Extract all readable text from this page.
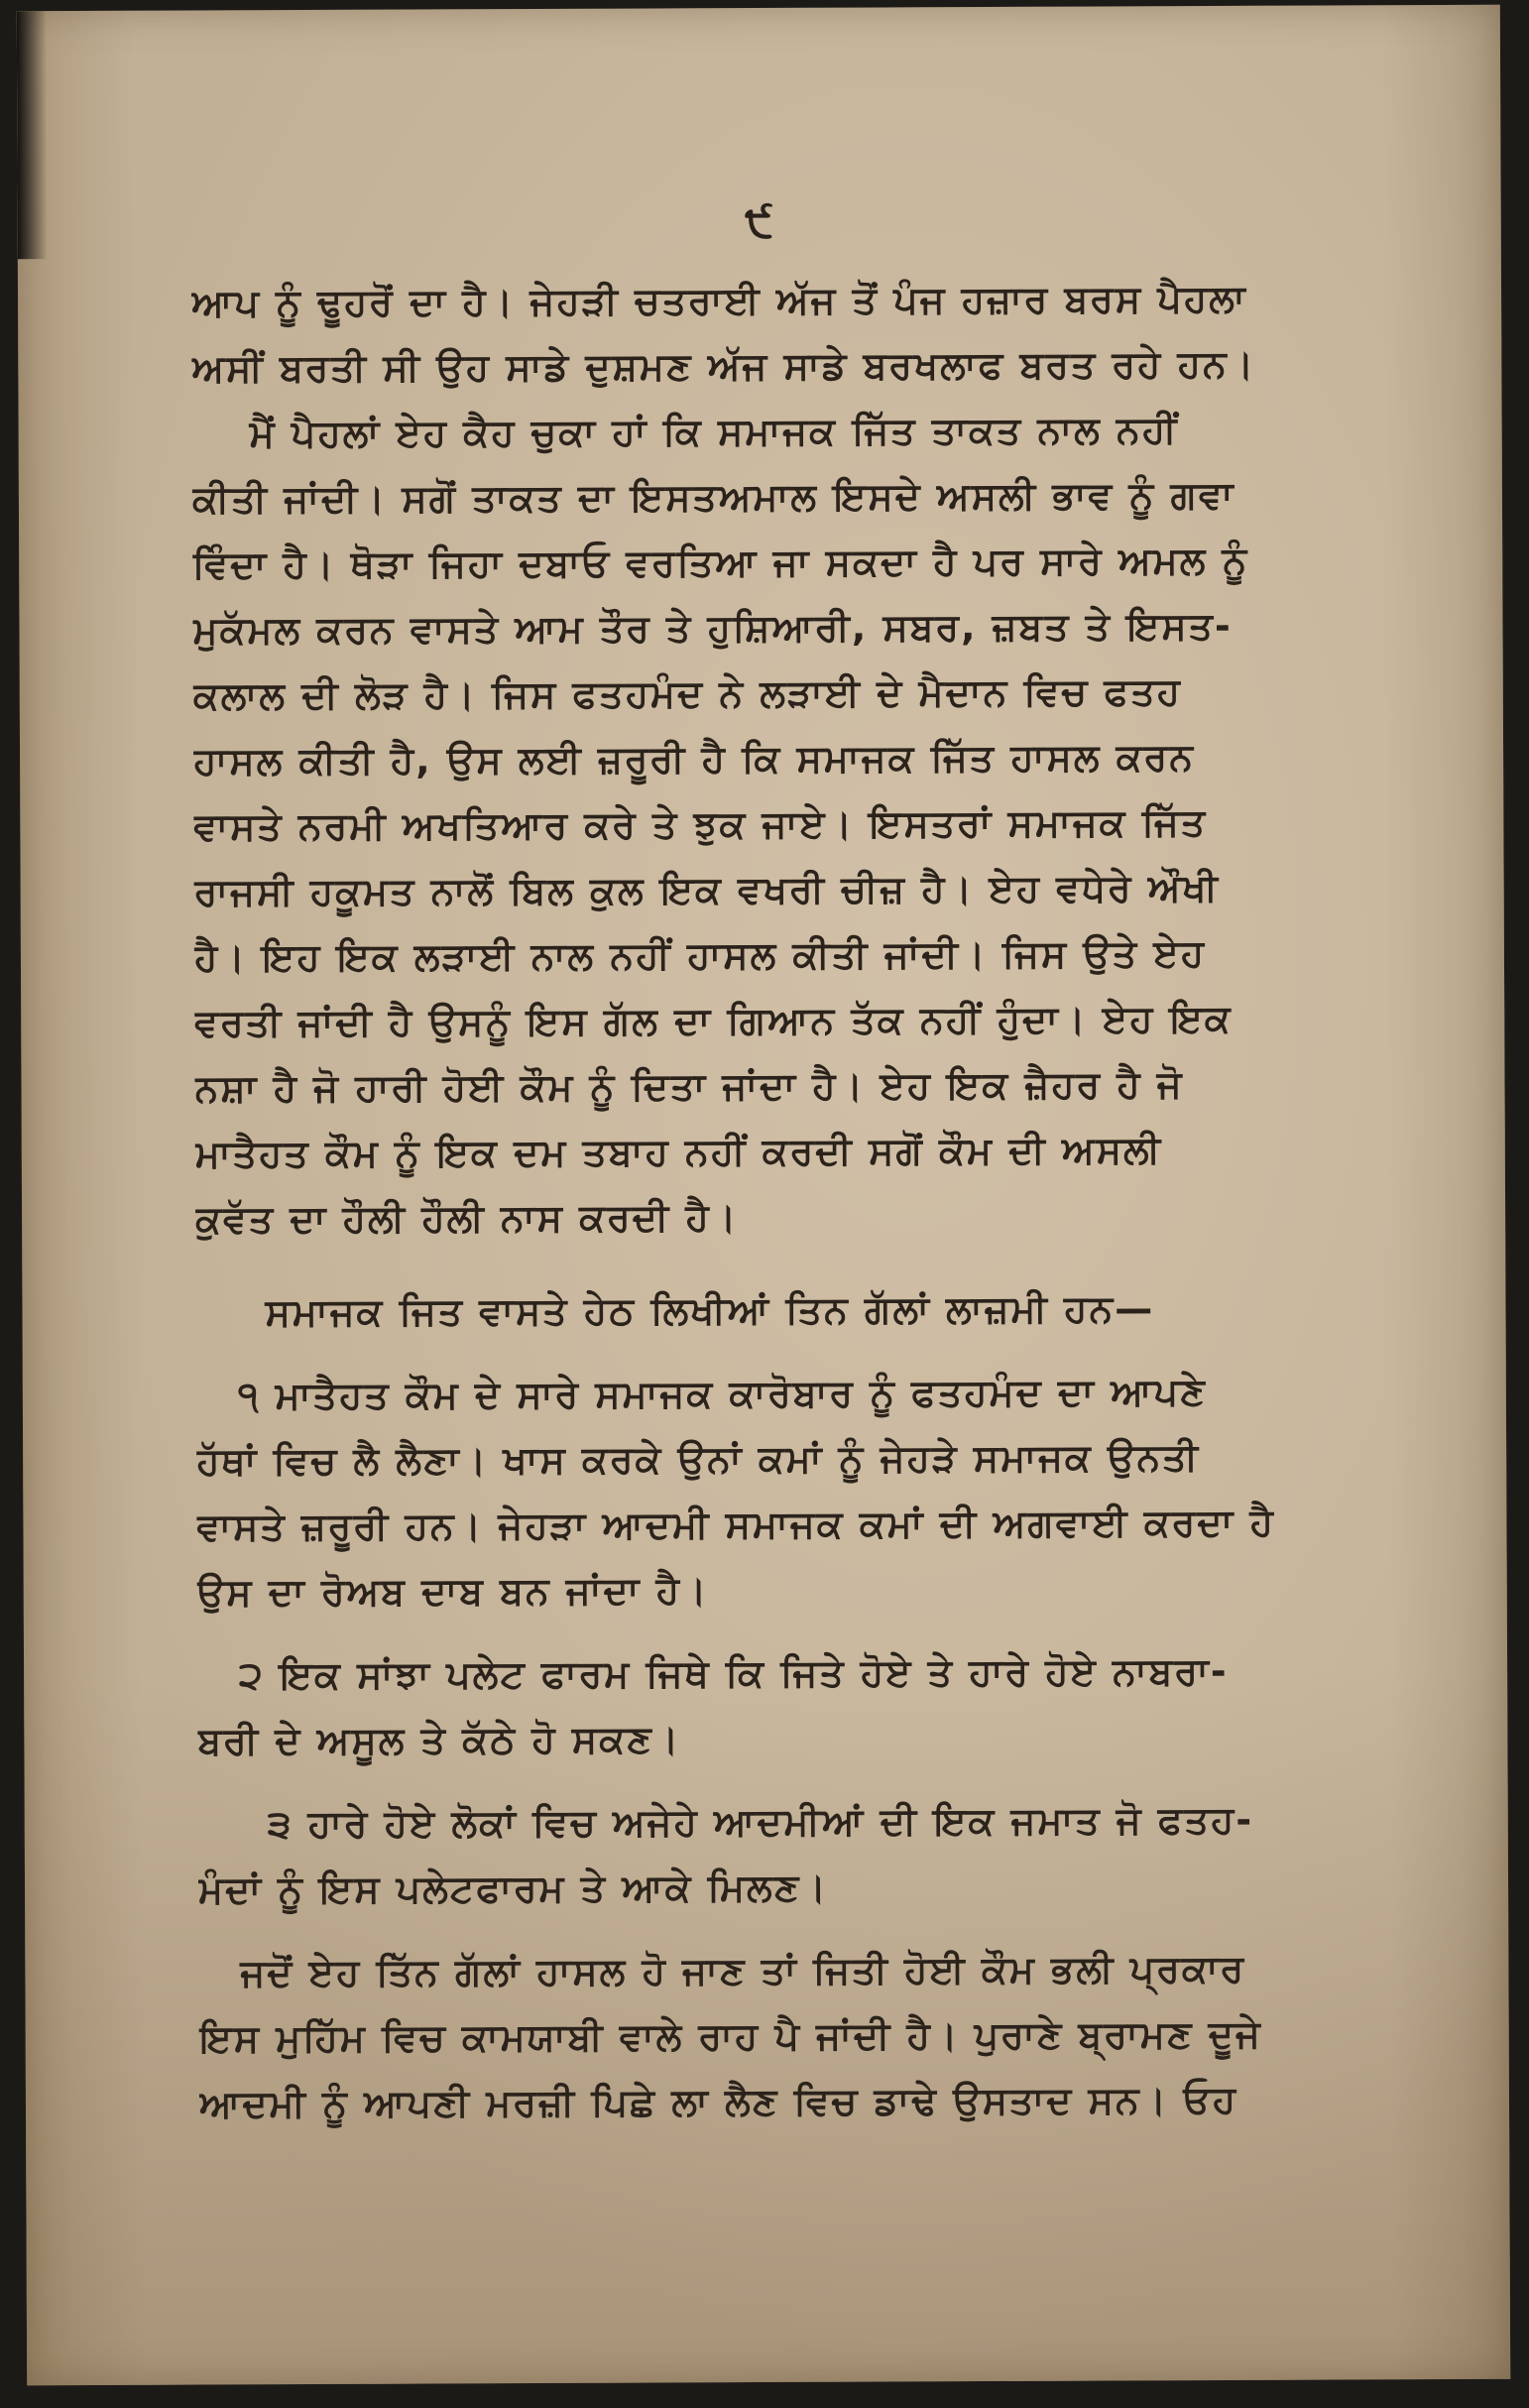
੯
ਆਪ ਨੂੰ ਢੂਹਰੋਂ ਦਾ ਹੈ। ਜੇਹੜੀ ਚਤਰਾਈ ਅੱਜ ਤੋਂ ਪੰਜ ਹਜ਼ਾਰ ਬਰਸ ਪੈਹਲਾ
ਅਸੀਂ ਬਰਤੀ ਸੀ ਉਹ ਸਾਡੇ ਦੁਸ਼ਮਣ ਅੱਜ ਸਾਡੇ ਬਰਖਲਾਫ ਬਰਤ ਰਹੇ ਹਨ।
ਮੈਂ ਪੈਹਲਾਂ ਏਹ ਕੈਹ ਚੁਕਾ ਹਾਂ ਕਿ ਸਮਾਜਕ ਜਿੱਤ ਤਾਕਤ ਨਾਲ ਨਹੀਂ
ਕੀਤੀ ਜਾਂਦੀ। ਸਗੋਂ ਤਾਕਤ ਦਾ ਇਸਤਅਮਾਲ ਇਸਦੇ ਅਸਲੀ ਭਾਵ ਨੂੰ ਗਵਾ
ਵਿੰਦਾ ਹੈ। ਥੋੜਾ ਜਿਹਾ ਦਬਾਓ ਵਰਤਿਆ ਜਾ ਸਕਦਾ ਹੈ ਪਰ ਸਾਰੇ ਅਮਲ ਨੂੰ
ਮੁਕੱਮਲ ਕਰਨ ਵਾਸਤੇ ਆਮ ਤੌਰ ਤੇ ਹੁਸ਼ਿਆਰੀ, ਸਬਰ, ਜ਼ਬਤ ਤੇ ਇਸਤ-
ਕਲਾਲ ਦੀ ਲੋੜ ਹੈ। ਜਿਸ ਫਤਹਮੰਦ ਨੇ ਲੜਾਈ ਦੇ ਮੈਦਾਨ ਵਿਚ ਫਤਹ
ਹਾਸਲ ਕੀਤੀ ਹੈ, ਉਸ ਲਈ ਜ਼ਰੂਰੀ ਹੈ ਕਿ ਸਮਾਜਕ ਜਿੱਤ ਹਾਸਲ ਕਰਨ
ਵਾਸਤੇ ਨਰਮੀ ਅਖਤਿਆਰ ਕਰੇ ਤੇ ਝੁਕ ਜਾਏ। ਇਸਤਰਾਂ ਸਮਾਜਕ ਜਿੱਤ
ਰਾਜਸੀ ਹਕੂਮਤ ਨਾਲੋਂ ਬਿਲ ਕੁਲ ਇਕ ਵਖਰੀ ਚੀਜ਼ ਹੈ। ਏਹ ਵਧੇਰੇ ਔਖੀ
ਹੈ। ਇਹ ਇਕ ਲੜਾਈ ਨਾਲ ਨਹੀਂ ਹਾਸਲ ਕੀਤੀ ਜਾਂਦੀ। ਜਿਸ ਉਤੇ ਏਹ
ਵਰਤੀ ਜਾਂਦੀ ਹੈ ਉਸਨੂੰ ਇਸ ਗੱਲ ਦਾ ਗਿਆਨ ਤੱਕ ਨਹੀਂ ਹੁੰਦਾ। ਏਹ ਇਕ
ਨਸ਼ਾ ਹੈ ਜੋ ਹਾਰੀ ਹੋਈ ਕੌਮ ਨੂੰ ਦਿਤਾ ਜਾਂਦਾ ਹੈ। ਏਹ ਇਕ ਜ਼ੈਹਰ ਹੈ ਜੋ
ਮਾਤੈਹਤ ਕੌਮ ਨੂੰ ਇਕ ਦਮ ਤਬਾਹ ਨਹੀਂ ਕਰਦੀ ਸਗੋਂ ਕੌਮ ਦੀ ਅਸਲੀ
ਕੁਵੱਤ ਦਾ ਹੌਲੀ ਹੌਲੀ ਨਾਸ ਕਰਦੀ ਹੈ।
ਸਮਾਜਕ ਜਿਤ ਵਾਸਤੇ ਹੇਠ ਲਿਖੀਆਂ ਤਿਨ ਗੱਲਾਂ ਲਾਜ਼ਮੀ ਹਨ—
੧ ਮਾਤੈਹਤ ਕੌਮ ਦੇ ਸਾਰੇ ਸਮਾਜਕ ਕਾਰੋਬਾਰ ਨੂੰ ਫਤਹਮੰਦ ਦਾ ਆਪਣੇ
ਹੱਥਾਂ ਵਿਚ ਲੈ ਲੈਣਾ। ਖਾਸ ਕਰਕੇ ਉਨਾਂ ਕਮਾਂ ਨੂੰ ਜੇਹੜੇ ਸਮਾਜਕ ਉਨਤੀ
ਵਾਸਤੇ ਜ਼ਰੂਰੀ ਹਨ। ਜੇਹੜਾ ਆਦਮੀ ਸਮਾਜਕ ਕਮਾਂ ਦੀ ਅਗਵਾਈ ਕਰਦਾ ਹੈ
ਉਸ ਦਾ ਰੋਅਬ ਦਾਬ ਬਨ ਜਾਂਦਾ ਹੈ।
੨ ਇਕ ਸਾਂਝਾ ਪਲੇਟ ਫਾਰਮ ਜਿਥੇ ਕਿ ਜਿਤੇ ਹੋਏ ਤੇ ਹਾਰੇ ਹੋਏ ਨਾਬਰਾ-
ਬਰੀ ਦੇ ਅਸੂਲ ਤੇ ਕੱਠੇ ਹੋ ਸਕਣ।
੩ ਹਾਰੇ ਹੋਏ ਲੋਕਾਂ ਵਿਚ ਅਜੇਹੇ ਆਦਮੀਆਂ ਦੀ ਇਕ ਜਮਾਤ ਜੋ ਫਤਹ-
ਮੰਦਾਂ ਨੂੰ ਇਸ ਪਲੇਟਫਾਰਮ ਤੇ ਆਕੇ ਮਿਲਣ।
ਜਦੋਂ ਏਹ ਤਿੱਨ ਗੱਲਾਂ ਹਾਸਲ ਹੋ ਜਾਣ ਤਾਂ ਜਿਤੀ ਹੋਈ ਕੌਮ ਭਲੀ ਪ੍ਰਕਾਰ
ਇਸ ਮੁਹਿੱਮ ਵਿਚ ਕਾਮਯਾਬੀ ਵਾਲੇ ਰਾਹ ਪੈ ਜਾਂਦੀ ਹੈ। ਪੁਰਾਣੇ ਬ੍ਰਾਮਣ ਦੂਜੇ
ਆਦਮੀ ਨੂੰ ਆਪਣੀ ਮਰਜ਼ੀ ਪਿਛੇ ਲਾ ਲੈਣ ਵਿਚ ਡਾਢੇ ਉਸਤਾਦ ਸਨ। ਓਹ
